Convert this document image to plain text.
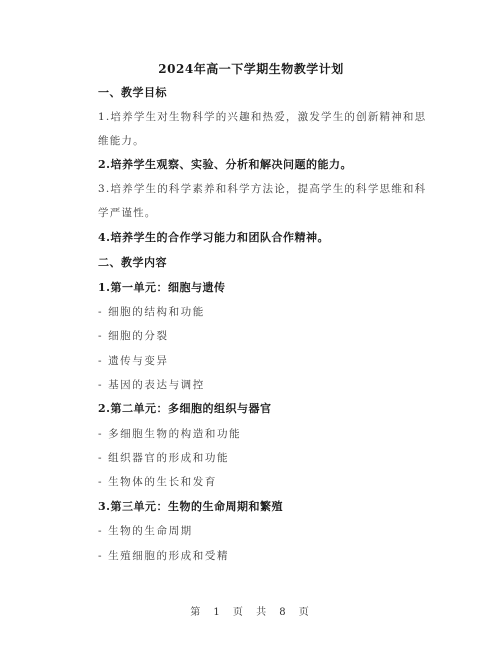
2024年高一下学期生物教学计划
一、教学目标
1.培养学生对生物科学的兴趣和热爱，激发学生的创新精神和思
维能力。
2.培养学生观察、实验、分析和解决问题的能力。
3.培养学生的科学素养和科学方法论，提高学生的科学思维和科
学严谨性。
4.培养学生的合作学习能力和团队合作精神。
二、教学内容
1.第一单元：细胞与遗传
- 细胞的结构和功能
- 细胞的分裂
- 遗传与变异
- 基因的表达与调控
2.第二单元：多细胞的组织与器官
- 多细胞生物的构造和功能
- 组织器官的形成和功能
- 生物体的生长和发育
3.第三单元：生物的生命周期和繁殖
- 生物的生命周期
- 生殖细胞的形成和受精
第 1 页 共 8 页
